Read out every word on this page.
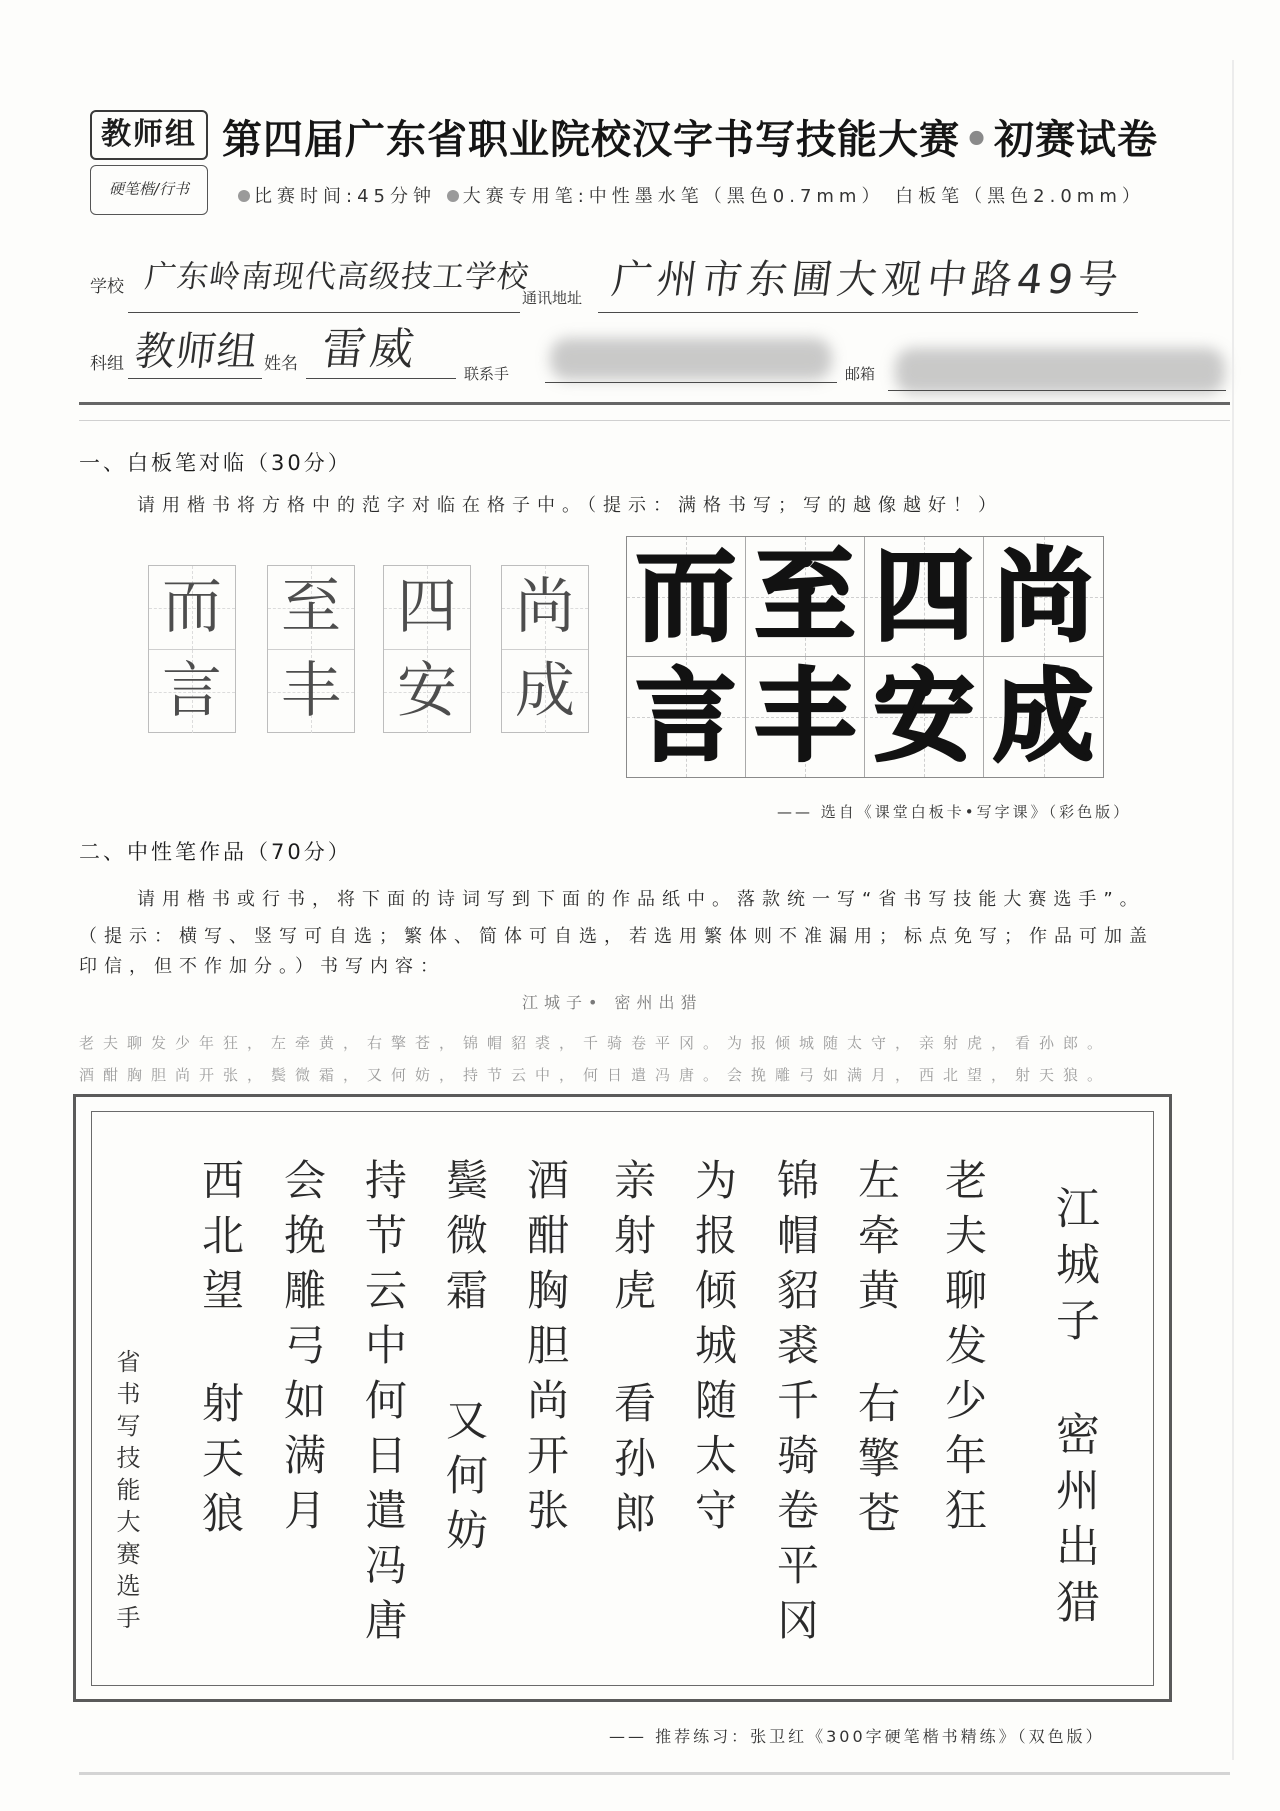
教师组
硬笔楷/行书
第四届广东省职业院校汉字书写技能大赛•初赛试卷
比赛时间:45分钟 大赛专用笔:中性墨水笔（黑色0.7mm） 白板笔（黑色2.0mm）
学校 广东岭南现代高级技工学校
通讯地址 广州市东圃大观中路49号
科组 教师组 姓名 雷威	联系手	邮箱
一、白板笔对临（30分）
请用楷书将方格中的范字对临在格子中。（提示：满格书写；写的越像越好！）
而
言
至
丰
四
安
尚
成
而 至 四 尚
言 丰 安 成
—— 选自《课堂白板卡•写字课》（彩色版）
二、中性笔作品（70分）
请用楷书或行书，将下面的诗词写到下面的作品纸中。落款统一写“省书写技能大赛选手”。
（提示：横写、竖写可自选；繁体、简体可自选，若选用繁体则不准漏用；标点免写；作品可加盖
印信，但不作加分。）书写内容：
江城子• 密州出猎
老夫聊发少年狂，左牵黄，右擎苍，锦帽貂裘，千骑卷平冈。为报倾城随太守，亲射虎，看孙郎。
酒酣胸胆尚开张，鬓微霜，又何妨，持节云中，何日遣冯唐。会挽雕弓如满月，西北望，射天狼。
江城子
密州出猎
老夫聊发少年狂
左牵黄
右擎苍
锦帽貂裘千骑卷平冈
为报倾城随太守
亲射虎
看孙郎
酒酣胸胆尚开张
鬓微霜
又何妨
持节云中何日遣冯唐
会挽雕弓如满月
西北望
射天狼
省书写技能大赛选手
—— 推荐练习：张卫红《300字硬笔楷书精练》（双色版）
